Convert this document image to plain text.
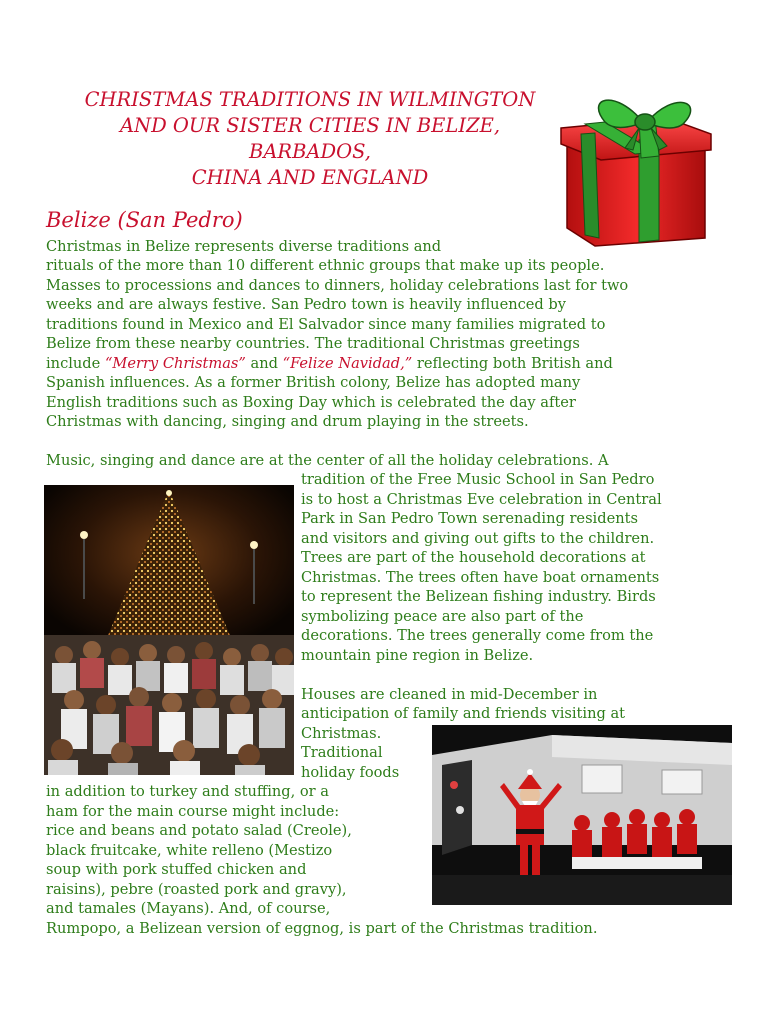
CHRISTMAS TRADITIONS IN WILMINGTON
AND OUR SISTER CITIES IN BELIZE,
BARBADOS,
CHINA AND ENGLAND
Belize (San Pedro)
Christmas in Belize represents diverse traditions and
rituals of the more than 10 different ethnic groups that make up its people.
Masses to processions and dances to dinners, holiday celebrations last for two
weeks and are always festive. San Pedro town is heavily influenced by
traditions found in Mexico and El Salvador since many families migrated to
Belize from these nearby countries. The traditional Christmas greetings
include “Merry Christmas” and “Felize Navidad,” reflecting both British and
Spanish influences. As a former British colony, Belize has adopted many
English traditions such as Boxing Day which is celebrated the day after
Christmas with dancing, singing and drum playing in the streets.
Music, singing and dance are at the center of all the holiday celebrations. A
tradition of the Free Music School in San Pedro
is to host a Christmas Eve celebration in Central
Park in San Pedro Town serenading residents
and visitors and giving out gifts to the children.
Trees are part of the household decorations at
Christmas. The trees often have boat ornaments
to represent the Belizean fishing industry. Birds
symbolizing peace are also part of the
decorations. The trees generally come from the
mountain pine region in Belize.
Houses are cleaned in mid-December in
anticipation of family and friends visiting at
Christmas.
Traditional
holiday foods
in addition to turkey and stuffing, or a
ham for the main course might include:
rice and beans and potato salad (Creole),
black fruitcake, white relleno (Mestizo
soup with pork stuffed chicken and
raisins), pebre (roasted pork and gravy),
and tamales (Mayans). And, of course,
Rumpopo, a Belizean version of eggnog, is part of the Christmas tradition.
